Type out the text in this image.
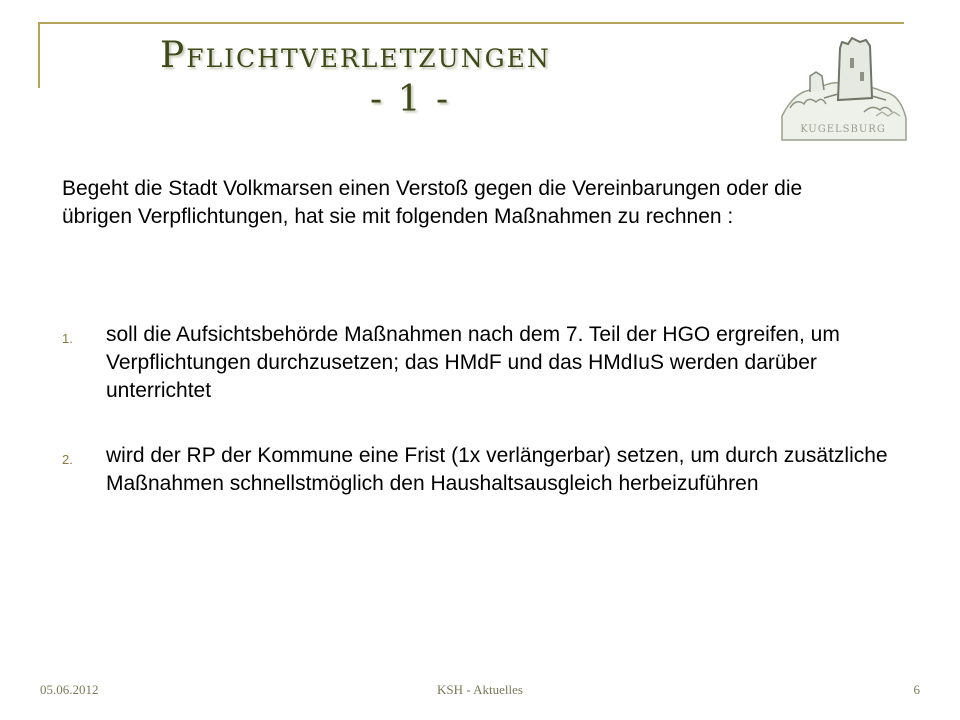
Pflichtverletzungen
- 1 -
KUGELSBURG
Begeht die Stadt Volkmarsen einen Verstoß gegen die Vereinbarungen oder die übrigen Verpflichtungen, hat sie mit folgenden Maßnahmen zu rechnen :
1. soll die Aufsichtsbehörde Maßnahmen nach dem 7. Teil der HGO ergreifen, um Verpflichtungen durchzusetzen; das HMdF und das HMdIuS werden darüber unterrichtet
2. wird der RP der Kommune eine Frist (1x verlängerbar) setzen, um durch zusätzliche Maßnahmen schnellstmöglich den Haushaltsausgleich herbeizuführen
05.06.2012	KSH - Aktuelles	6
